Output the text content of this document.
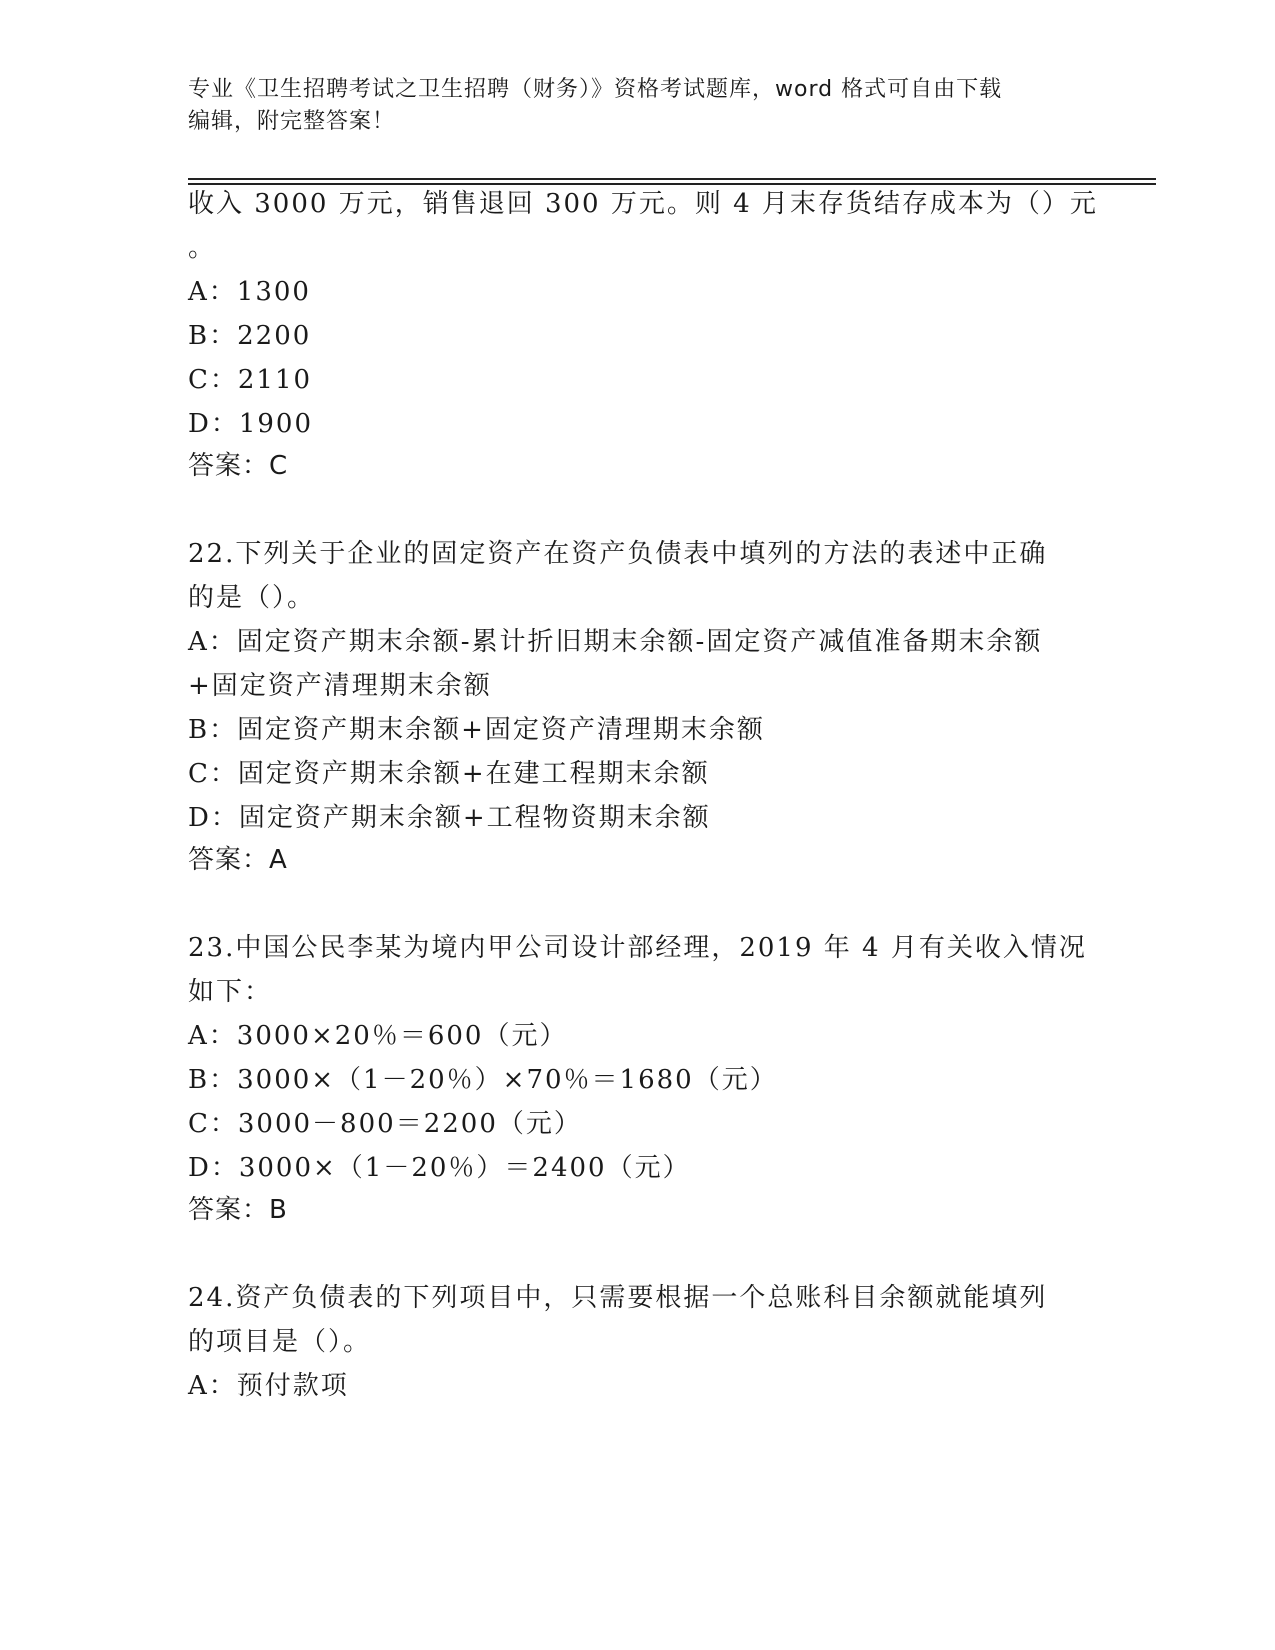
专业《卫生招聘考试之卫生招聘（财务）》资格考试题库，word 格式可自由下载
编辑，附完整答案！
收入 3000 万元，销售退回 300 万元。则 4 月末存货结存成本为（）元
。
A：1300
B：2200
C：2110
D：1900
答案：C
22.下列关于企业的固定资产在资产负债表中填列的方法的表述中正确
的是（）。
A：固定资产期末余额-累计折旧期末余额-固定资产减值准备期末余额
+固定资产清理期末余额
B：固定资产期末余额+固定资产清理期末余额
C：固定资产期末余额+在建工程期末余额
D：固定资产期末余额+工程物资期末余额
答案：A
23.中国公民李某为境内甲公司设计部经理，2019 年 4 月有关收入情况
如下：
A：3000×20％＝600（元）
B：3000×（1－20％）×70％＝1680（元）
C：3000－800＝2200（元）
D：3000×（1－20％）＝2400（元）
答案：B
24.资产负债表的下列项目中，只需要根据一个总账科目余额就能填列
的项目是（）。
A：预付款项
